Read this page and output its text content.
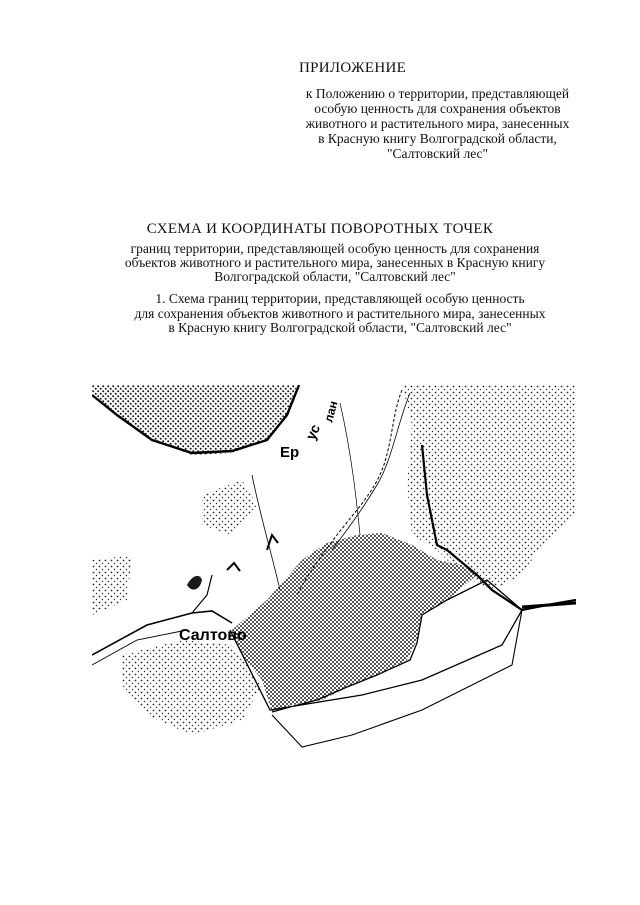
ПРИЛОЖЕНИЕ
к Положению о территории, представляющей
особую ценность для сохранения объектов
животного и растительного мира, занесенных
в Красную книгу Волгоградской области,
"Салтовский лес"
СХЕМА И КООРДИНАТЫ ПОВОРОТНЫХ ТОЧЕК
границ территории, представляющей особую ценность для сохранения
объектов животного и растительного мира, занесенных в Красную книгу
Волгоградской области, "Салтовский лес"
1. Схема границ территории, представляющей особую ценность
для сохранения объектов животного и растительного мира, занесенных
в Красную книгу Волгоградской области, "Салтовский лес"
Ер
ус
лан
Салтово
